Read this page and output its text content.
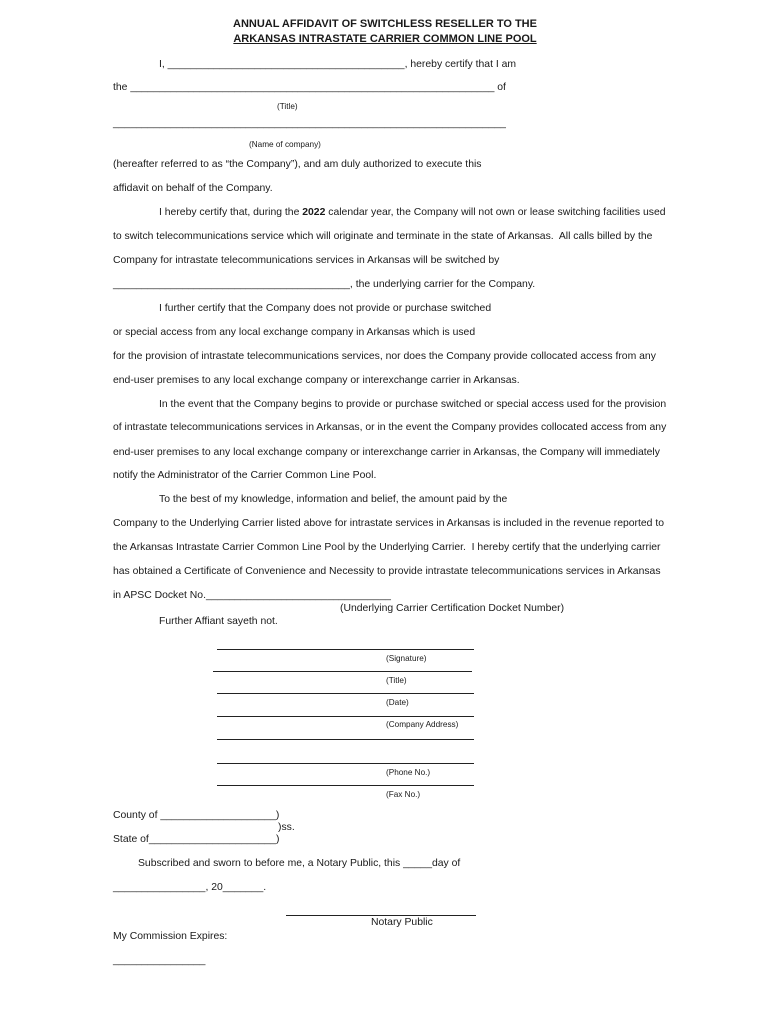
ANNUAL AFFIDAVIT OF SWITCHLESS RESELLER TO THE
ARKANSAS INTRASTATE CARRIER COMMON LINE POOL
I, _________________________________________, hereby certify that I am
the _______________________________________________________________ of
(Title)
____________________________________________________________________
(Name of company)
(hereafter referred to as “the Company”), and am duly authorized to execute this
affidavit on behalf of the Company.
I hereby certify that, during the 2022 calendar year, the Company will not own or lease switching facilities used
to switch telecommunications service which will originate and terminate in the state of Arkansas.  All calls billed by the
Company for intrastate telecommunications services in Arkansas will be switched by
_________________________________________, the underlying carrier for the Company.
I further certify that the Company does not provide or purchase switched
or special access from any local exchange company in Arkansas which is used
for the provision of intrastate telecommunications services, nor does the Company provide collocated access from any
end-user premises to any local exchange company or interexchange carrier in Arkansas.
In the event that the Company begins to provide or purchase switched or special access used for the provision
of intrastate telecommunications services in Arkansas, or in the event the Company provides collocated access from any
end-user premises to any local exchange company or interexchange carrier in Arkansas, the Company will immediately
notify the Administrator of the Carrier Common Line Pool.
To the best of my knowledge, information and belief, the amount paid by the
Company to the Underlying Carrier listed above for intrastate services in Arkansas is included in the revenue reported to
the Arkansas Intrastate Carrier Common Line Pool by the Underlying Carrier.  I hereby certify that the underlying carrier
has obtained a Certificate of Convenience and Necessity to provide intrastate telecommunications services in Arkansas
in APSC Docket No.________________________________
(Underlying Carrier Certification Docket Number)
Further Affiant sayeth not.
(Signature)
(Title)
(Date)
(Company Address)
(Phone No.)
(Fax No.)
County of ____________________)
)ss.
State of______________________)
Subscribed and sworn to before me, a Notary Public, this _____day of
________________, 20_______.
Notary Public
My Commission Expires:
________________
